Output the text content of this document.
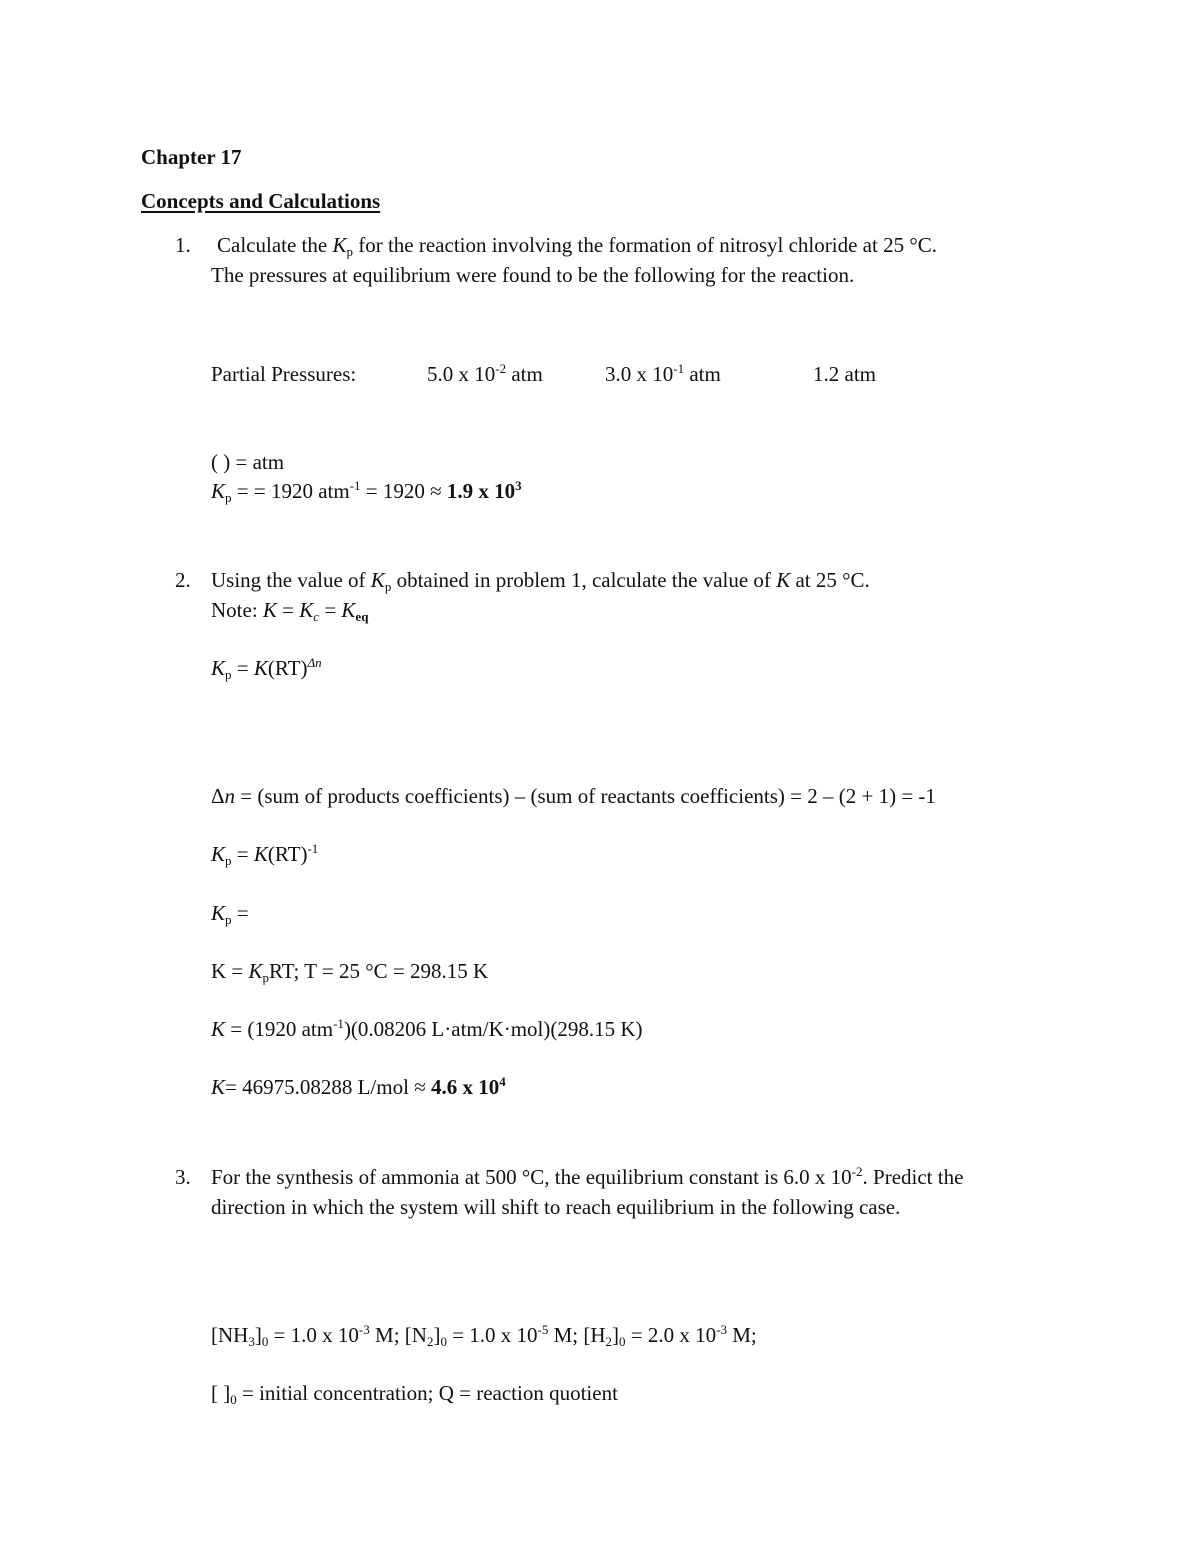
Chapter 17
Concepts and Calculations
1. Calculate the $K_p$ for the reaction involving the formation of nitrosyl chloride at 25 °C.
The pressures at equilibrium were found to be the following for the reaction.
Partial Pressures:	5.0 x $10^{-2}$ atm	3.0 x $10^{-1}$ atm	1.2 atm
( ) = atm
$K_p$ = = 1920 atm$^{-1}$ = 1920 ≈ 1.9 x $10^3$
2. Using the value of $K_p$ obtained in problem 1, calculate the value of K at 25 °C.
Note: $K = K_c = K_{eq}$
$K_p = K(RT)^{\Delta n}$
Δn = (sum of products coefficients) – (sum of reactants coefficients) = 2 – (2 + 1) = -1
$K_p = K(RT)^{-1}$
$K_p$ =
$K = K_pRT$; T = 25 °C = 298.15 K
K = (1920 atm$^{-1}$)(0.08206 L·atm/K·mol)(298.15 K)
K= 46975.08288 L/mol ≈ 4.6 x $10^4$
3. For the synthesis of ammonia at 500 °C, the equilibrium constant is 6.0 x $10^{-2}$. Predict the
direction in which the system will shift to reach equilibrium in the following case.
$[NH_3]_0 = 1.0$ x $10^{-3}$ M; $[N_2]_0 = 1.0$ x $10^{-5}$ M; $[H_2]_0 = 2.0$ x $10^{-3}$ M;
[ ]$_0$ = initial concentration; Q = reaction quotient
